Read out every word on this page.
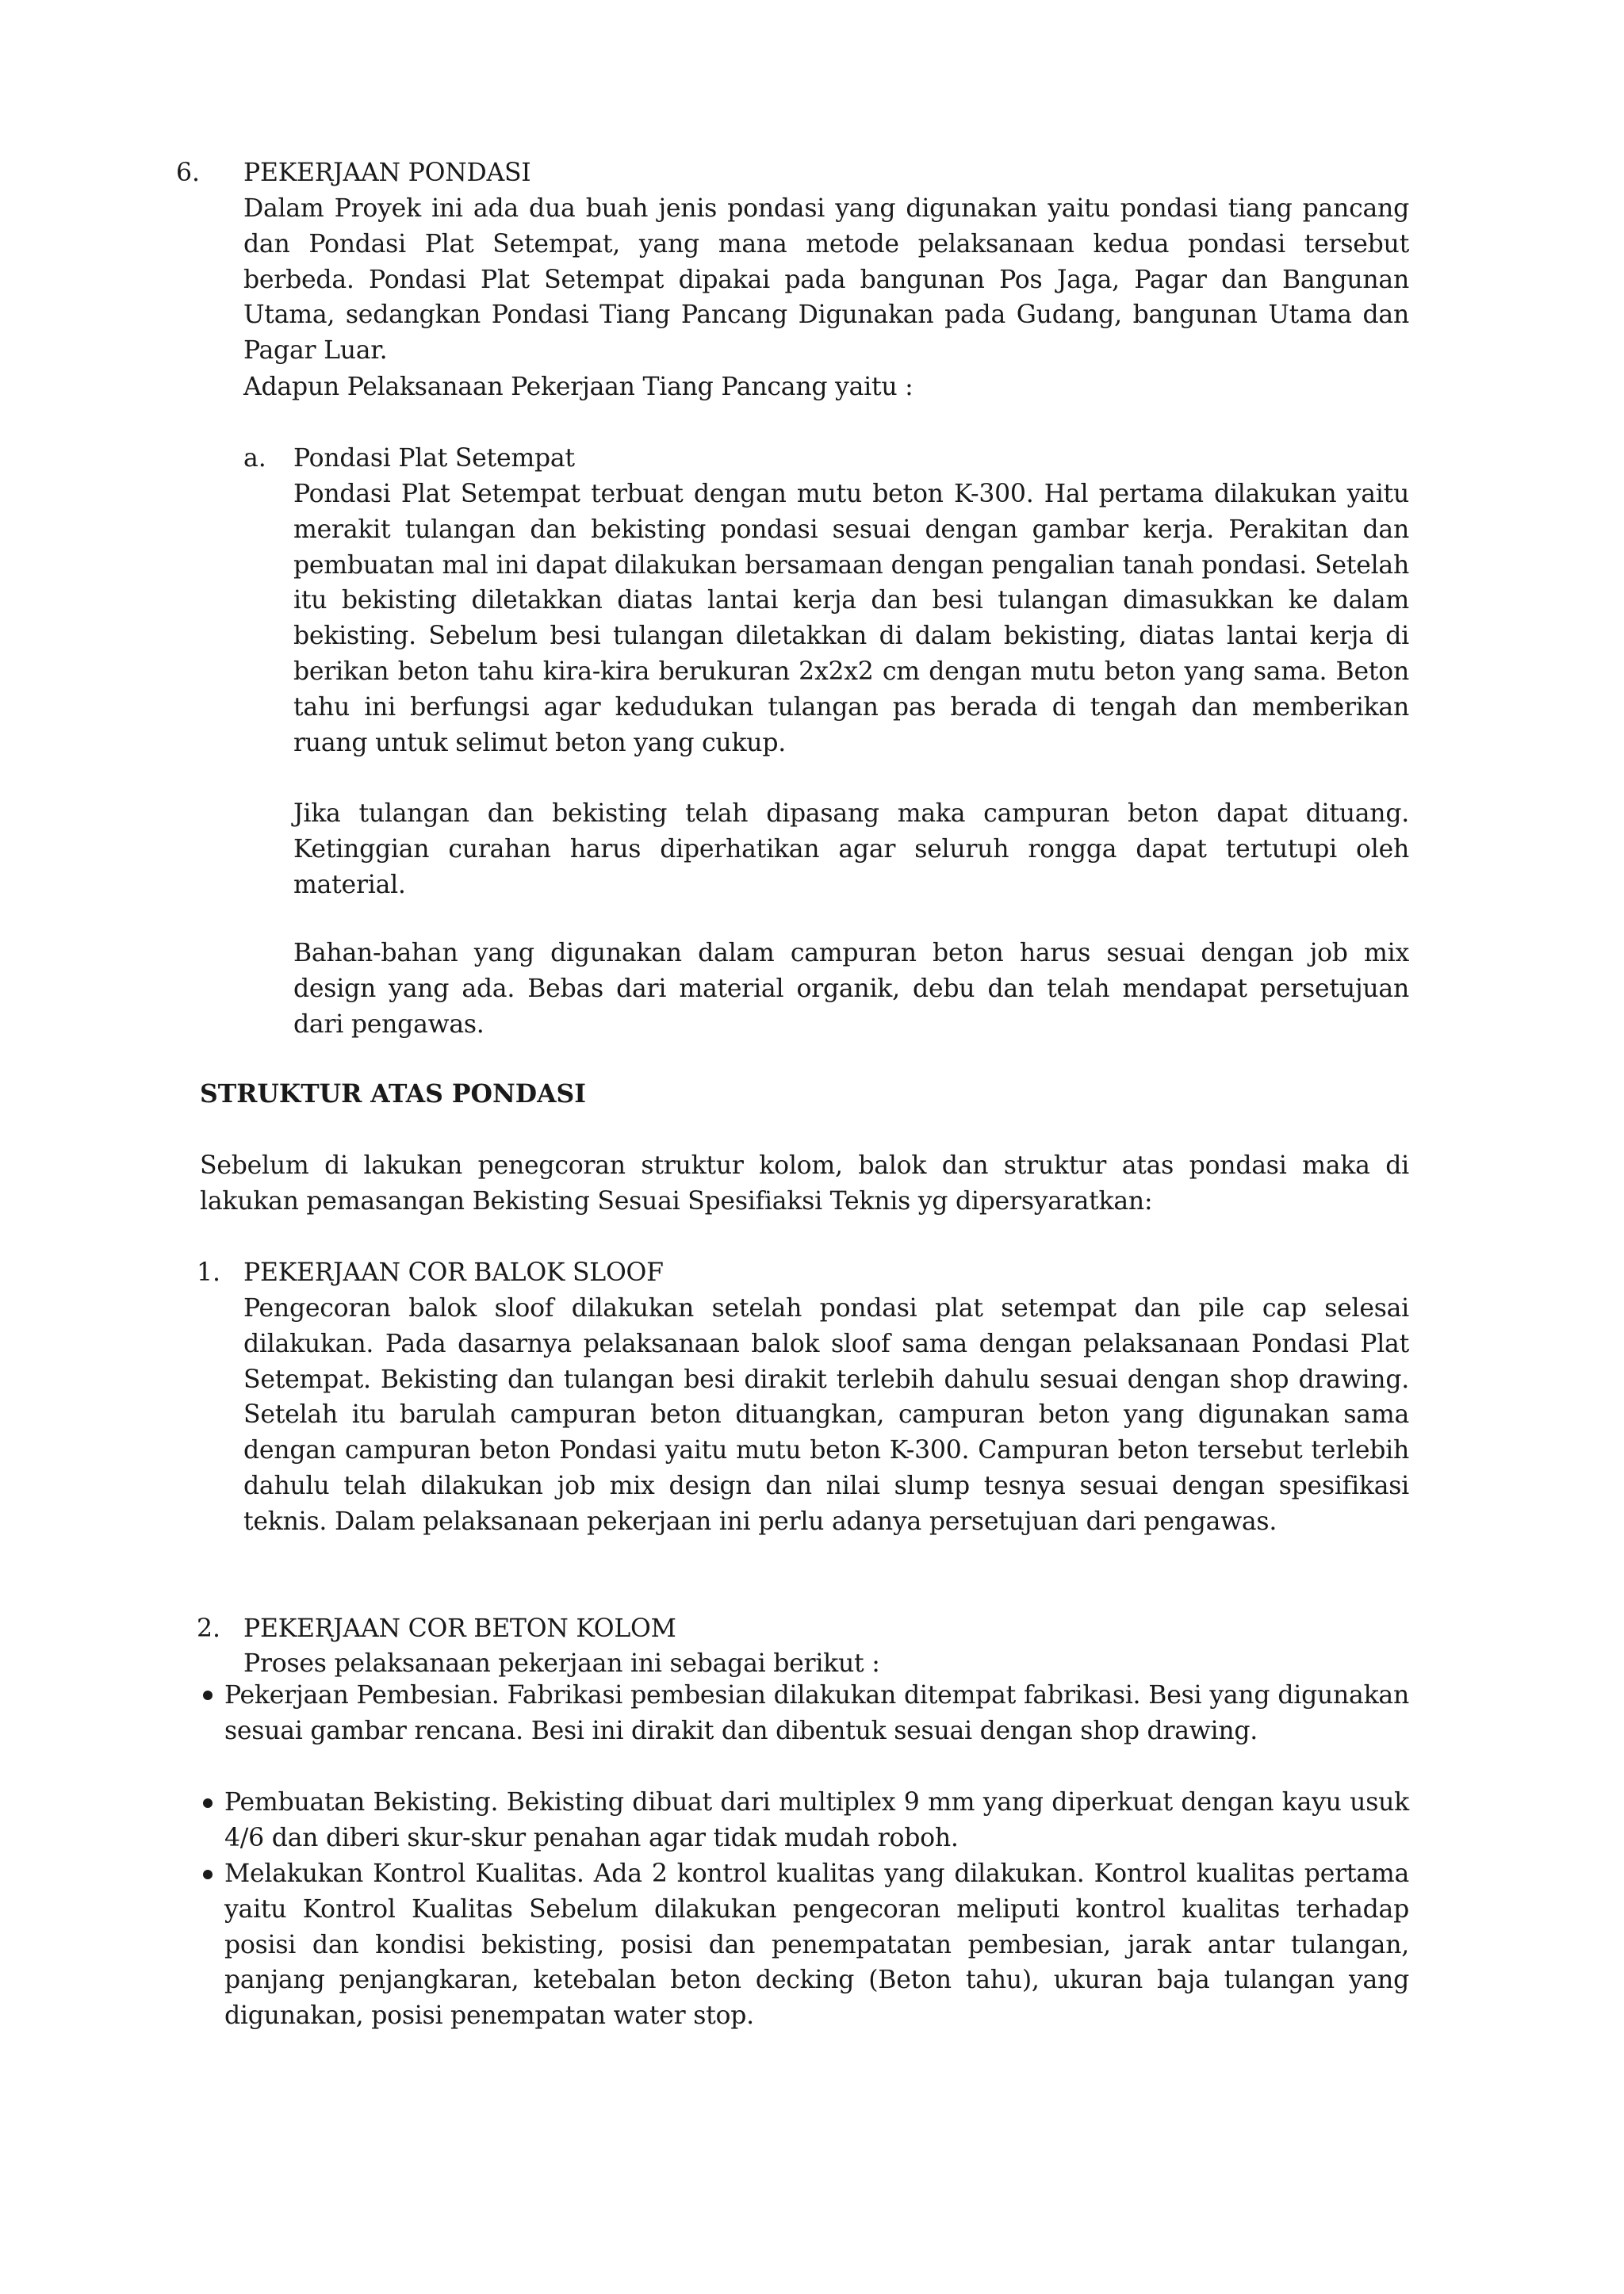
6. PEKERJAAN PONDASI
Dalam Proyek ini ada dua buah jenis pondasi yang digunakan yaitu pondasi tiang pancang dan Pondasi Plat Setempat, yang mana metode pelaksanaan kedua pondasi tersebut berbeda. Pondasi Plat Setempat dipakai pada bangunan Pos Jaga, Pagar dan Bangunan Utama, sedangkan Pondasi Tiang Pancang Digunakan pada Gudang, bangunan Utama dan Pagar Luar.
Adapun Pelaksanaan Pekerjaan Tiang Pancang yaitu :
a. Pondasi Plat Setempat
Pondasi Plat Setempat terbuat dengan mutu beton K-300. Hal pertama dilakukan yaitu merakit tulangan dan bekisting pondasi sesuai dengan gambar kerja. Perakitan dan pembuatan mal ini dapat dilakukan bersamaan dengan pengalian tanah pondasi. Setelah itu bekisting diletakkan diatas lantai kerja dan besi tulangan dimasukkan ke dalam bekisting. Sebelum besi tulangan diletakkan di dalam bekisting, diatas lantai kerja di berikan beton tahu kira-kira berukuran 2x2x2 cm dengan mutu beton yang sama. Beton tahu ini berfungsi agar kedudukan tulangan pas berada di tengah dan memberikan ruang untuk selimut beton yang cukup.
Jika tulangan dan bekisting telah dipasang maka campuran beton dapat dituang. Ketinggian curahan harus diperhatikan agar seluruh rongga dapat tertutupi oleh material.
Bahan-bahan yang digunakan dalam campuran beton harus sesuai dengan job mix design yang ada. Bebas dari material organik, debu dan telah mendapat persetujuan dari pengawas.
STRUKTUR ATAS PONDASI
Sebelum di lakukan penegcoran struktur kolom, balok dan struktur atas pondasi maka di lakukan pemasangan Bekisting Sesuai Spesifiaksi Teknis yg dipersyaratkan:
1. PEKERJAAN COR BALOK SLOOF
Pengecoran balok sloof dilakukan setelah pondasi plat setempat dan pile cap selesai dilakukan. Pada dasarnya pelaksanaan balok sloof sama dengan pelaksanaan Pondasi Plat Setempat. Bekisting dan tulangan besi dirakit terlebih dahulu sesuai dengan shop drawing. Setelah itu barulah campuran beton dituangkan, campuran beton yang digunakan sama dengan campuran beton Pondasi yaitu mutu beton K-300. Campuran beton tersebut terlebih dahulu telah dilakukan job mix design dan nilai slump tesnya sesuai dengan spesifikasi teknis. Dalam pelaksanaan pekerjaan ini perlu adanya persetujuan dari pengawas.
2. PEKERJAAN COR BETON KOLOM
Proses pelaksanaan pekerjaan ini sebagai berikut :
Pekerjaan Pembesian. Fabrikasi pembesian dilakukan ditempat fabrikasi. Besi yang digunakan sesuai gambar rencana. Besi ini dirakit dan dibentuk sesuai dengan shop drawing.
Pembuatan Bekisting. Bekisting dibuat dari multiplex 9 mm yang diperkuat dengan kayu usuk 4/6 dan diberi skur-skur penahan agar tidak mudah roboh.
Melakukan Kontrol Kualitas. Ada 2 kontrol kualitas yang dilakukan. Kontrol kualitas pertama yaitu Kontrol Kualitas Sebelum dilakukan pengecoran meliputi kontrol kualitas terhadap posisi dan kondisi bekisting, posisi dan penempatatan pembesian, jarak antar tulangan, panjang penjangkaran, ketebalan beton decking (Beton tahu), ukuran baja tulangan yang digunakan, posisi penempatan water stop.
